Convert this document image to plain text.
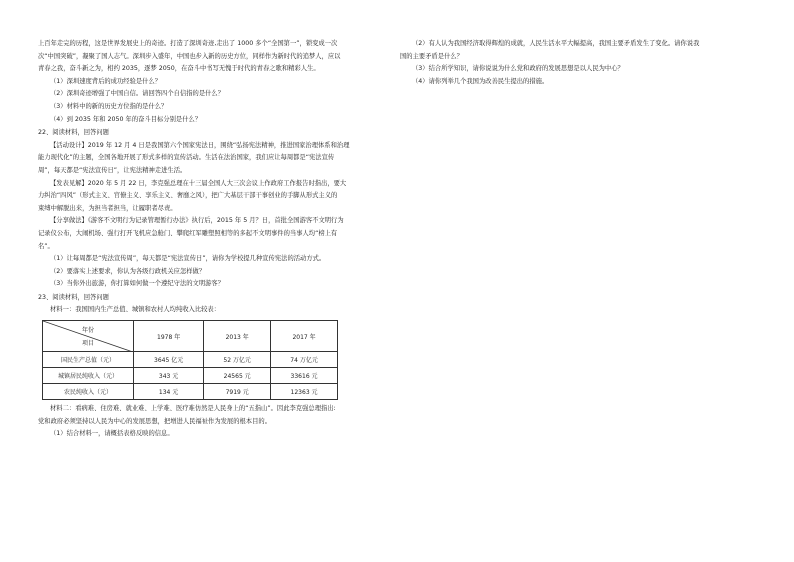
上百年走完的历程，这是世界发展史上的奇迹。打造了深圳奇迹,走出了 1000 多个“全国第一”，锁变成一次
次“中国突破”，凝聚了国人志气。深圳步入盛年，中国也步入新的历史方位，同样作为新时代的追梦人，应以
青春之我，奋斗新之为，相约 2035，逐梦 2050，在奋斗中书写无愧于时代的青春之歌和精彩人生。
（1）深圳速度背后的成功经验是什么？
（2）深圳奇迹增强了中国自信。请回答四个自信指的是什么？
（3）材料中的新的历史方位指的是什么？
（4）到 2035 年和 2050 年的奋斗目标分别是什么？
22、阅读材料，回答问题
【活动设计】2019 年 12 月 4 日是我国第六个国家宪法日，围绕“弘扬宪法精神，推进国家治理体系和治理
能力现代化”的主题，全国各地开展了形式多样的宣传活动。生活在法治国家，我们应让每周都是“宪法宣传
周”，每天都是“宪法宣传日”，让宪法精神走进生活。
【发表见解】2020 年 5 月 22 日，李克强总理在十三届全国人大三次会议上作政府工作报告时指出，要大
力纠治“四风”（形式主义、官僚主义、享乐主义、奢靡之风），把广大基层干部干事创业的手脚从形式主义的
束缚中解脱出来，为担当者担当，让履职者尽责。
【分享做法】《游客不文明行为记录管理暂行办法》执行后，2015 年 5 月？日，首批全国游客不文明行为
记录仪公布，大闹机场、强行打开飞机应急舱门、攀爬红军雕塑照相等的多起不文明事件的当事人均“榜上有
名”。
（1）让每周都是“宪法宣传周”，每天都是“宪法宣传日”，请你为学校提几种宣传宪法的活动方式。
（2）要落实上述要求，你认为各级行政机关应怎样做？
（3）当你外出旅游，你打算如何做一个遵纪守法的文明游客？
23、阅读材料，回答问题
材料一：我国国内生产总值、城镇和农村人均纯收入比较表：
年份
项目	1978 年	2013 年	2017 年
国民生产总值（元）	3645 亿元	52 万亿元	74 万亿元
城镇居民纯收入（元）	343 元	24565 元	33616 元
农民纯收入（元）	134 元	7919 元	12363 元
材料二：看病难、住房难、就业难、上学难、医疗难仿然是人民身上的“五指山”。因此李克强总理指出:
党和政府必须坚持以人民为中心的发展思想，把增进人民福祉作为发展的根本目的。
（1）结合材料一，请概括表格反映的信息。
（2）有人认为我国经济取得辉煌的成就，人民生活水平大幅提高，我国主要矛盾发生了变化。请你说我
国的主要矛盾是什么？
（3）结合所学知识，请你说说为什么党和政府的发展思想是以人民为中心？
（4）请你列举几个我国为改善民生提出的措施。
